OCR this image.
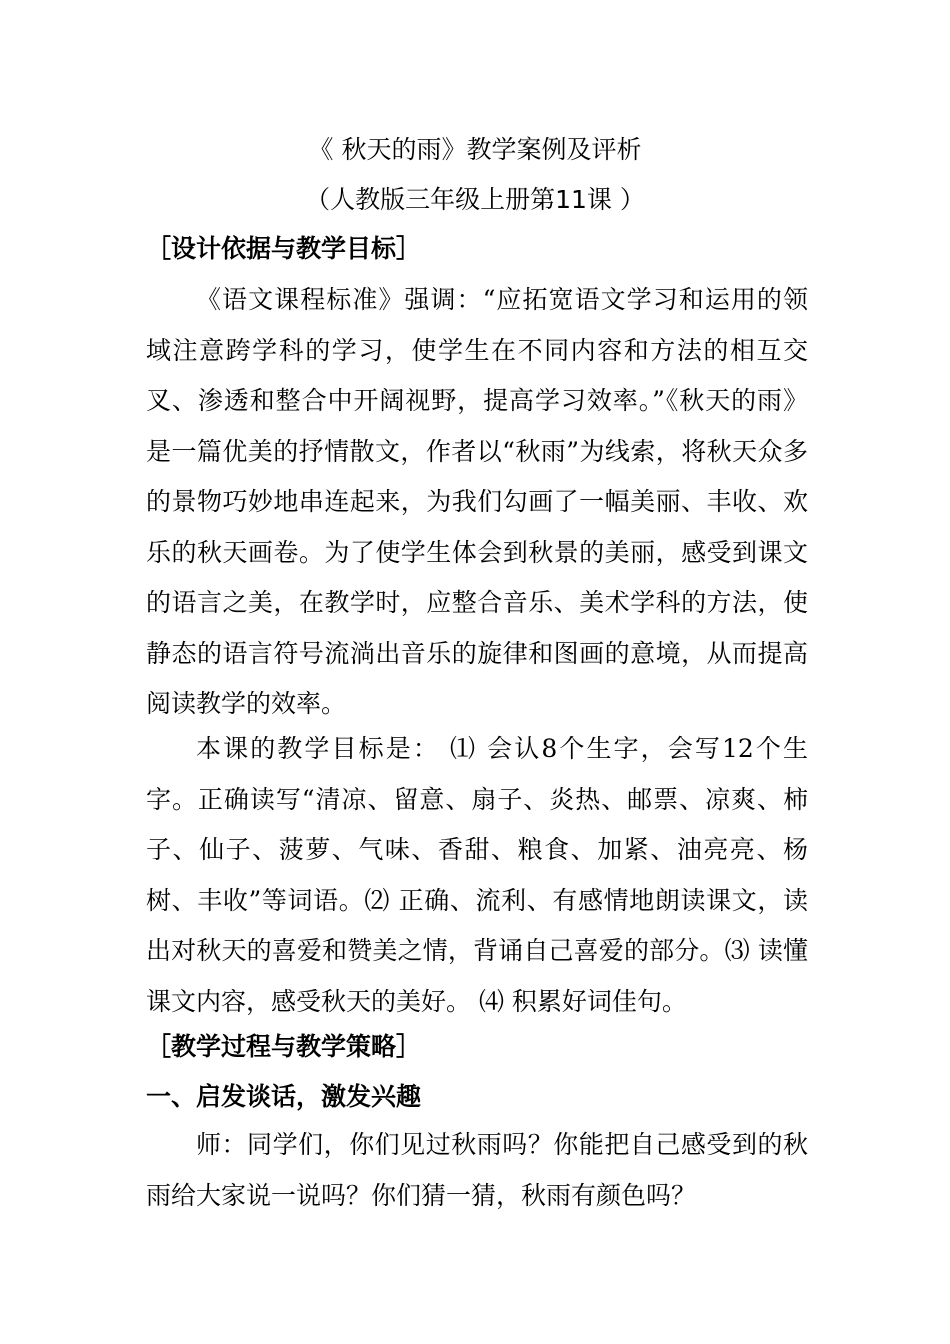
《 秋天的雨》教学案例及评析
（人教版三年级上册第11课 ）
［设计依据与教学目标］

《语文课程标准》强调：“应拓宽语文学习和运用的领域注意跨学科的学习，使学生在不同内容和方法的相互交叉、渗透和整合中开阔视野，提高学习效率。”《秋天的雨》是一篇优美的抒情散文，作者以“秋雨”为线索，将秋天众多的景物巧妙地串连起来，为我们勾画了一幅美丽、丰收、欢乐的秋天画卷。为了使学生体会到秋景的美丽，感受到课文的语言之美，在教学时，应整合音乐、美术学科的方法，使静态的语言符号流淌出音乐的旋律和图画的意境，从而提高阅读教学的效率。

本课的教学目标是： ⑴ 会认8个生字，会写12个生字。正确读写“清凉、留意、扇子、炎热、邮票、凉爽、柿子、仙子、菠萝、气味、香甜、粮食、加紧、油亮亮、杨树、丰收”等词语。⑵ 正确、流利、有感情地朗读课文，读出对秋天的喜爱和赞美之情，背诵自己喜爱的部分。⑶ 读懂课文内容，感受秋天的美好。 ⑷ 积累好词佳句。

［教学过程与教学策略］
一、启发谈话，激发兴趣

师：同学们，你们见过秋雨吗？你能把自己感受到的秋雨给大家说一说吗？你们猜一猜，秋雨有颜色吗？
